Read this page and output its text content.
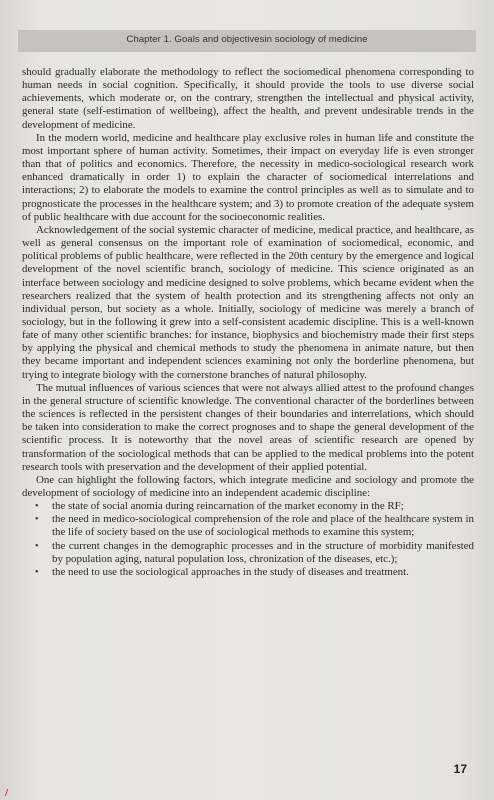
Chapter 1. Goals and objectivesin sociology of medicine

should gradually elaborate the methodology to reflect the sociomedical phenomena corresponding to human needs in social cognition. Specifically, it should provide the tools to use diverse social achievements, which moderate or, on the contrary, strengthen the intellectual and physical activity, general state (self-estimation of wellbeing), affect the health, and prevent undesirable trends in the development of medicine.

In the modern world, medicine and healthcare play exclusive roles in human life and constitute the most important sphere of human activity. Sometimes, their impact on everyday life is even stronger than that of politics and economics. Therefore, the necessity in medico-sociological research work enhanced dramatically in order 1) to explain the character of sociomedical interrelations and interactions; 2) to elaborate the models to examine the control principles as well as to simulate and to prognosticate the processes in the healthcare system; and 3) to promote creation of the adequate system of public healthcare with due account for the socioeconomic realities.

Acknowledgement of the social systemic character of medicine, medical practice, and healthcare, as well as general consensus on the important role of examination of sociomedical, economic, and political problems of public healthcare, were reflected in the 20th century by the emergence and logical development of the novel scientific branch, sociology of medicine. This science originated as an interface between sociology and medicine designed to solve problems, which became evident when the researchers realized that the system of health protection and its strengthening affects not only an individual person, but society as a whole. Initially, sociology of medicine was merely a branch of sociology, but in the following it grew into a self-consistent academic discipline. This is a well-known fate of many other scientific branches: for instance, biophysics and biochemistry made their first steps by applying the physical and chemical methods to study the phenomena in animate nature, but then they became important and independent sciences examining not only the borderline phenomena, but trying to integrate biology with the cornerstone branches of natural philosophy.

The mutual influences of various sciences that were not always allied attest to the profound changes in the general structure of scientific knowledge. The conventional character of the borderlines between the sciences is reflected in the persistent changes of their boundaries and interrelations, which should be taken into consideration to make the correct prognoses and to shape the general development of the scientific process. It is noteworthy that the novel areas of scientific research are opened by transformation of the sociological methods that can be applied to the medical problems into the potent research tools with preservation and the development of their applied potential.

One can highlight the following factors, which integrate medicine and sociology and promote the development of sociology of medicine into an independent academic discipline:

• the state of social anomia during reincarnation of the market economy in the RF;
• the need in medico-sociological comprehension of the role and place of the healthcare system in the life of society based on the use of sociological methods to examine this system;
• the current changes in the demographic processes and in the structure of morbidity manifested by population aging, natural population loss, chronization of the diseases, etc.);
• the need to use the sociological approaches in the study of diseases and treatment.
17
